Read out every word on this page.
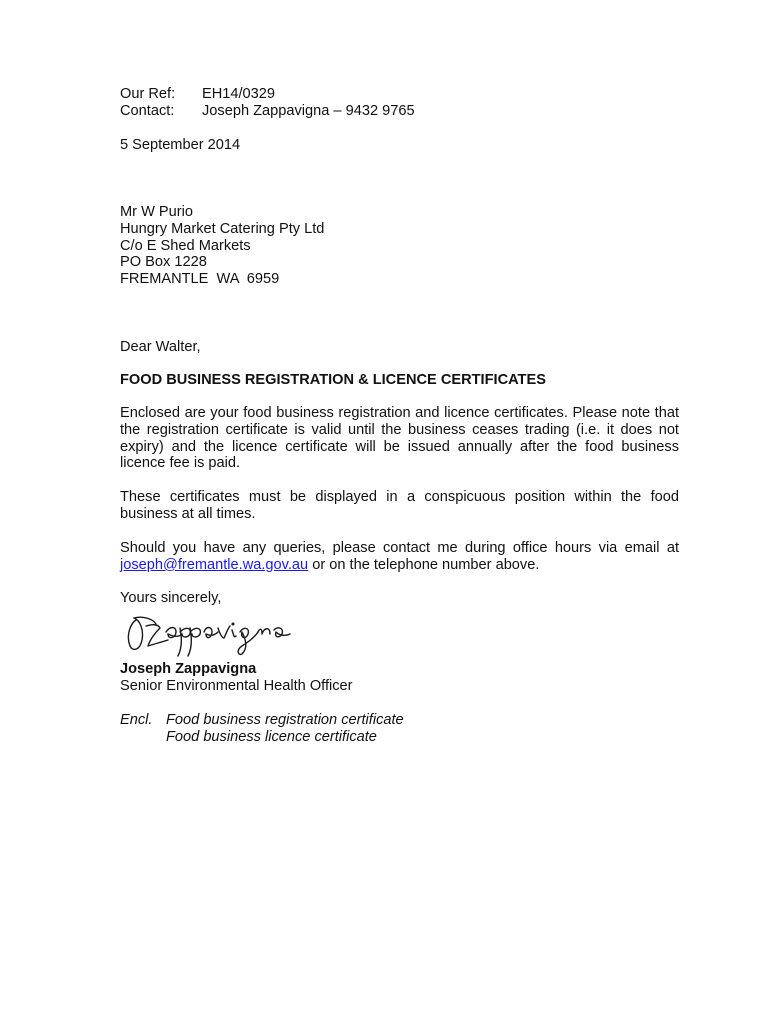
Our Ref:	EH14/0329
Contact:	Joseph Zappavigna – 9432 9765
5 September 2014
Mr W Purio
Hungry Market Catering Pty Ltd
C/o E Shed Markets
PO Box 1228
FREMANTLE  WA  6959
Dear Walter,
FOOD BUSINESS REGISTRATION & LICENCE CERTIFICATES
Enclosed are your food business registration and licence certificates. Please note that the registration certificate is valid until the business ceases trading (i.e. it does not expiry) and the licence certificate will be issued annually after the food business licence fee is paid.
These certificates must be displayed in a conspicuous position within the food business at all times.
Should you have any queries, please contact me during office hours via email at joseph@fremantle.wa.gov.au or on the telephone number above.
Yours sincerely,
Joseph Zappavigna
Senior Environmental Health Officer
Encl. Food business registration certificate
Food business licence certificate
